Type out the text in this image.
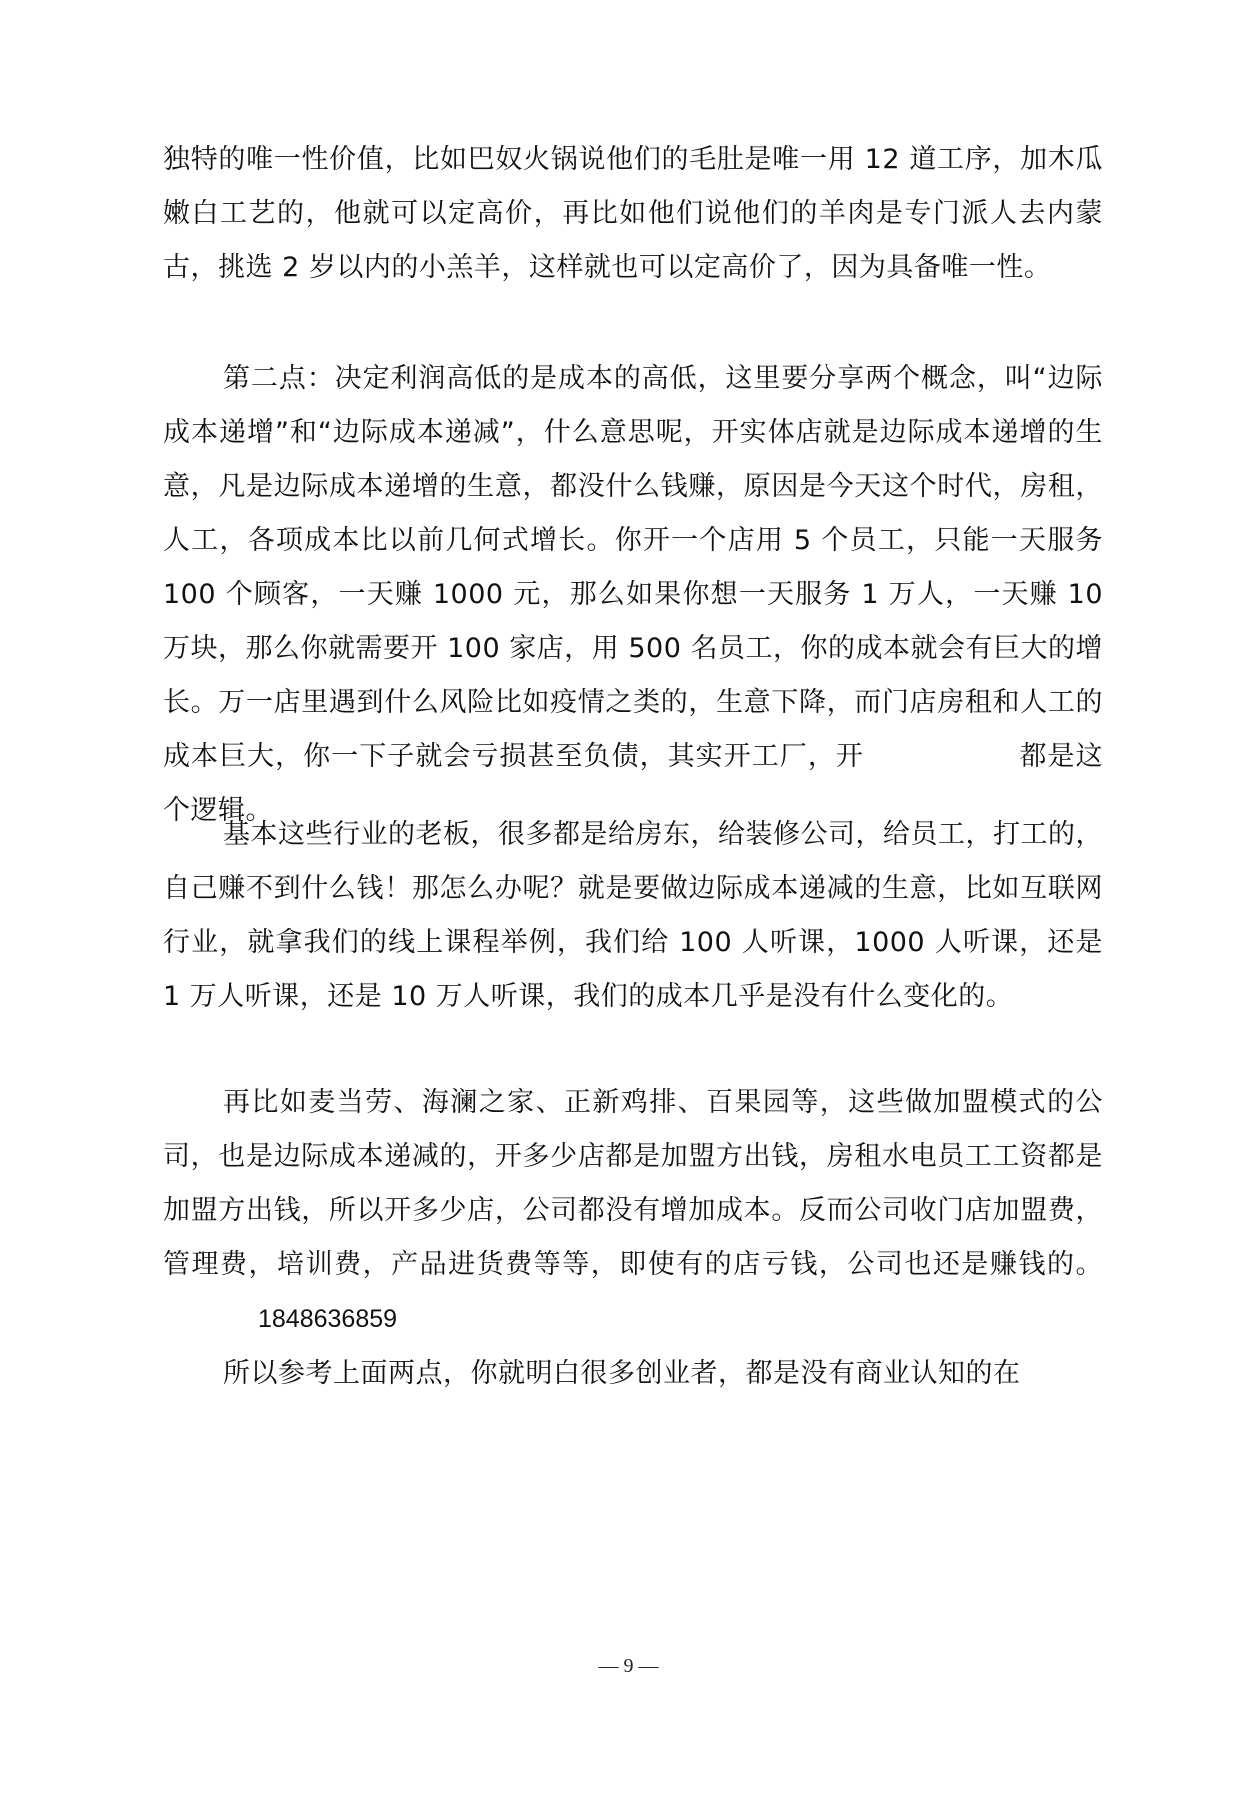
独特的唯一性价值，比如巴奴火锅说他们的毛肚是唯一用 12 道工序，加木瓜嫩白工艺的，他就可以定高价，再比如他们说他们的羊肉是专门派人去内蒙古，挑选 2 岁以内的小羔羊，这样就也可以定高价了，因为具备唯一性。

第二点：决定利润高低的是成本的高低，这里要分享两个概念，叫“边际成本递增”和“边际成本递减”，什么意思呢，开实体店就是边际成本递增的生意，凡是边际成本递增的生意，都没什么钱赚，原因是今天这个时代，房租，人工，各项成本比以前几何式增长。你开一个店用 5 个员工，只能一天服务 100 个顾客，一天赚 1000 元，那么如果你想一天服务 1 万人，一天赚 10 万块，那么你就需要开 100 家店，用 500 名员工，你的成本就会有巨大的增长。万一店里遇到什么风险比如疫情之类的，生意下降，而门店房租和人工的成本巨大，你一下子就会亏损甚至负债，其实开工厂，开	都是这个逻辑。

基本这些行业的老板，很多都是给房东，给装修公司，给员工，打工的，自己赚不到什么钱！那怎么办呢？就是要做边际成本递减的生意，比如互联网行业，就拿我们的线上课程举例，我们给 100 人听课，1000 人听课，还是 1 万人听课，还是 10 万人听课，我们的成本几乎是没有什么变化的。

再比如麦当劳、海澜之家、正新鸡排、百果园等，这些做加盟模式的公司，也是边际成本递减的，开多少店都是加盟方出钱，房租水电员工工资都是加盟方出钱，所以开多少店，公司都没有增加成本。反而公司收门店加盟费，管理费，培训费，产品进货费等等，即使有的店亏钱，公司也还是赚钱的。1848636859

所以参考上面两点，你就明白很多创业者，都是没有商业认知的在

— 9 —
